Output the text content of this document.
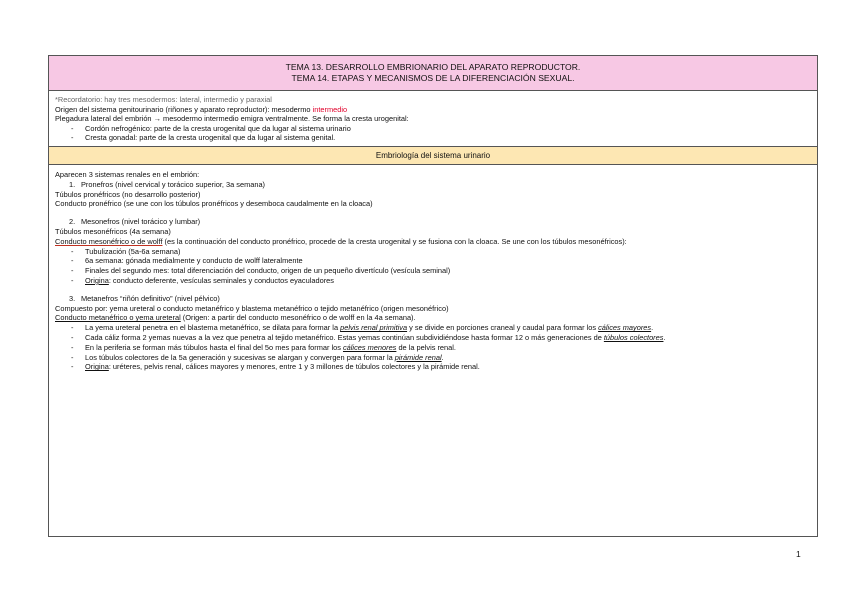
TEMA 13. DESARROLLO EMBRIONARIO DEL APARATO REPRODUCTOR.
TEMA 14. ETAPAS Y MECANISMOS DE LA DIFERENCIACIÓN SEXUAL.
*Recordatorio: hay tres mesodermos: lateral, intermedio y paraxial
Origen del sistema genitourinario (riñones y aparato reproductor): mesodermo intermedio
Plegadura lateral del embrión → mesodermo intermedio emigra ventralmente. Se forma la cresta urogenital:
-	Cordón nefrogénico: parte de la cresta urogenital que da lugar al sistema urinario
-	Cresta gonadal: parte de la cresta urogenital que da lugar al sistema genital.
Embriología del sistema urinario
Aparecen 3 sistemas renales en el embrión:
1. Pronefros (nivel cervical y torácico superior, 3a semana)
Túbulos pronéfricos (no desarrollo posterior)
Conducto pronéfrico (se une con los túbulos pronéfricos y desemboca caudalmente en la cloaca)
2. Mesonefros (nivel torácico y lumbar)
Túbulos mesonéfricos (4a semana)
Conducto mesonéfrico o de wolff (es la continuación del conducto pronéfrico, procede de la cresta urogenital y se fusiona con la cloaca. Se une con los túbulos mesonéfricos):
-	Tubulización (5a-6a semana)
-	6a semana: gónada medialmente y conducto de wolff lateralmente
-	Finales del segundo mes: total diferenciación del conducto, origen de un pequeño divertículo (vesícula seminal)
-	Origina: conducto deferente, vesículas seminales y conductos eyaculadores
3. Metanefros “riñón definitivo” (nivel pélvico)
Compuesto por: yema ureteral o conducto metanéfrico y blastema metanéfrico o tejido metanéfrico (origen mesonéfrico)
Conducto metanéfrico o yema ureteral (Origen: a partir del conducto mesonéfrico o de wolff en la 4a semana).
-	La yema ureteral penetra en el blastema metanéfrico, se dilata para formar la pelvis renal primitiva y se divide en porciones craneal y caudal para formar los cálices mayores.
-	Cada cáliz forma 2 yemas nuevas a la vez que penetra al tejido metanéfrico. Estas yemas continúan subdividiéndose hasta formar 12 o más generaciones de túbulos colectores.
-	En la periferia se forman más túbulos hasta el final del 5o mes para formar los cálices menores de la pelvis renal.
-	Los túbulos colectores de la 5a generación y sucesivas se alargan y convergen para formar la pirámide renal.
-	Origina: uréteres, pelvis renal, cálices mayores y menores, entre 1 y 3 millones de túbulos colectores y la pirámide renal.
1
